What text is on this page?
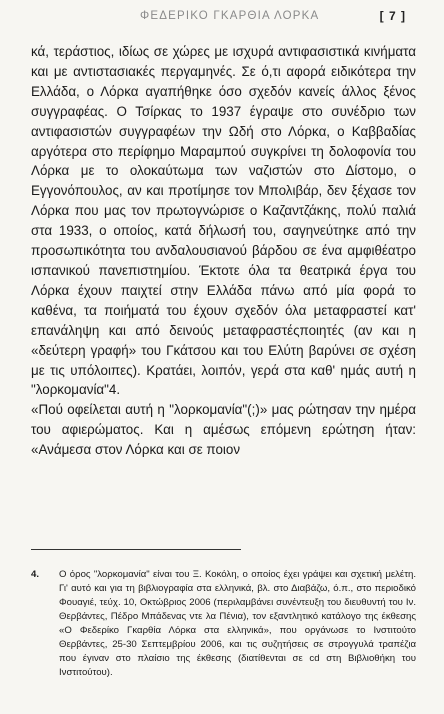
ΦΕΔΕΡΙΚΟ ΓΚΑΡΘΙΑ ΛΟΡΚΑ	[ 7 ]

κά, τεράστιος, ιδίως σε χώρες με ισχυρά αντιφασιστικά κινήματα και με αντιστασιακές περγαμηνές. Σε ό,τι αφορά ειδικότερα την Ελλάδα, ο Λόρκα αγαπήθηκε όσο σχεδόν κανείς άλλος ξένος συγγραφέας. Ο Τσίρκας το 1937 έγραψε στο συνέδριο των αντιφασιστών συγγραφέων την Ωδή στο Λόρκα, ο Καββαδίας αργότερα στο περίφημο Μαραμπού συγκρίνει τη δολοφονία του Λόρκα με το ολοκαύτωμα των ναζιστών στο Δίστομο, ο Εγγονόπουλος, αν και προτίμησε τον Μπολιβάρ, δεν ξέχασε τον Λόρκα που μας τον πρωτογνώρισε ο Καζαντζάκης, πολύ παλιά στα 1933, ο οποίος, κατά δήλωσή του, σαγηνεύτηκε από την προσωπικότητα του ανδαλουσιανού βάρδου σε ένα αμφιθέατρο ισπανικού πανεπιστημίου. Έκτοτε όλα τα θεατρικά έργα του Λόρκα έχουν παιχτεί στην Ελλάδα πάνω από μία φορά το καθένα, τα ποιήματά του έχουν σχεδόν όλα μεταφραστεί κατ' επανάληψη και από δεινούς μεταφραστέςποιητές (αν και η «δεύτερη γραφή» του Γκάτσου και του Ελύτη βαρύνει σε σχέση με τις υπόλοιπες). Κρατάει, λοιπόν, γερά στα καθ' ημάς αυτή η "λορκομανία"4.

«Πού οφείλεται αυτή η "λορκομανία"(;)» μας ρώτησαν την ημέρα του αφιερώματος. Και η αμέσως επόμενη ερώτηση ήταν: «Ανάμεσα στον Λόρκα και σε ποιον

4. Ο όρος "λορκομανία" είναι του Ξ. Κοκόλη, ο οποίος έχει γράψει και σχετική μελέτη. Γι' αυτό και για τη βιβλιογραφία στα ελληνικά, βλ. στο Διαβάζω, ό.π., στο περιοδικό Φουαγιέ, τεύχ. 10, Οκτώβριος 2006 (περιλαμβάνει συνέντευξη του διευθυντή του Ιν. Θερβάντες, Πέδρο Μπάδενας ντε λα Πένια), τον εξαντλητικό κατάλογο της έκθεσης «Ο Φεδερίκο Γκαρθία Λόρκα στα ελληνικά», που οργάνωσε το Ινστιτούτο Θερβάντες, 25-30 Σεπτεμβρίου 2006, και τις συζητήσεις σε στρογγυλά τραπέζια που έγιναν στο πλαίσιο της έκθεσης (διατίθενται σε cd στη Βιβλιοθήκη του Ινστιτούτου).
